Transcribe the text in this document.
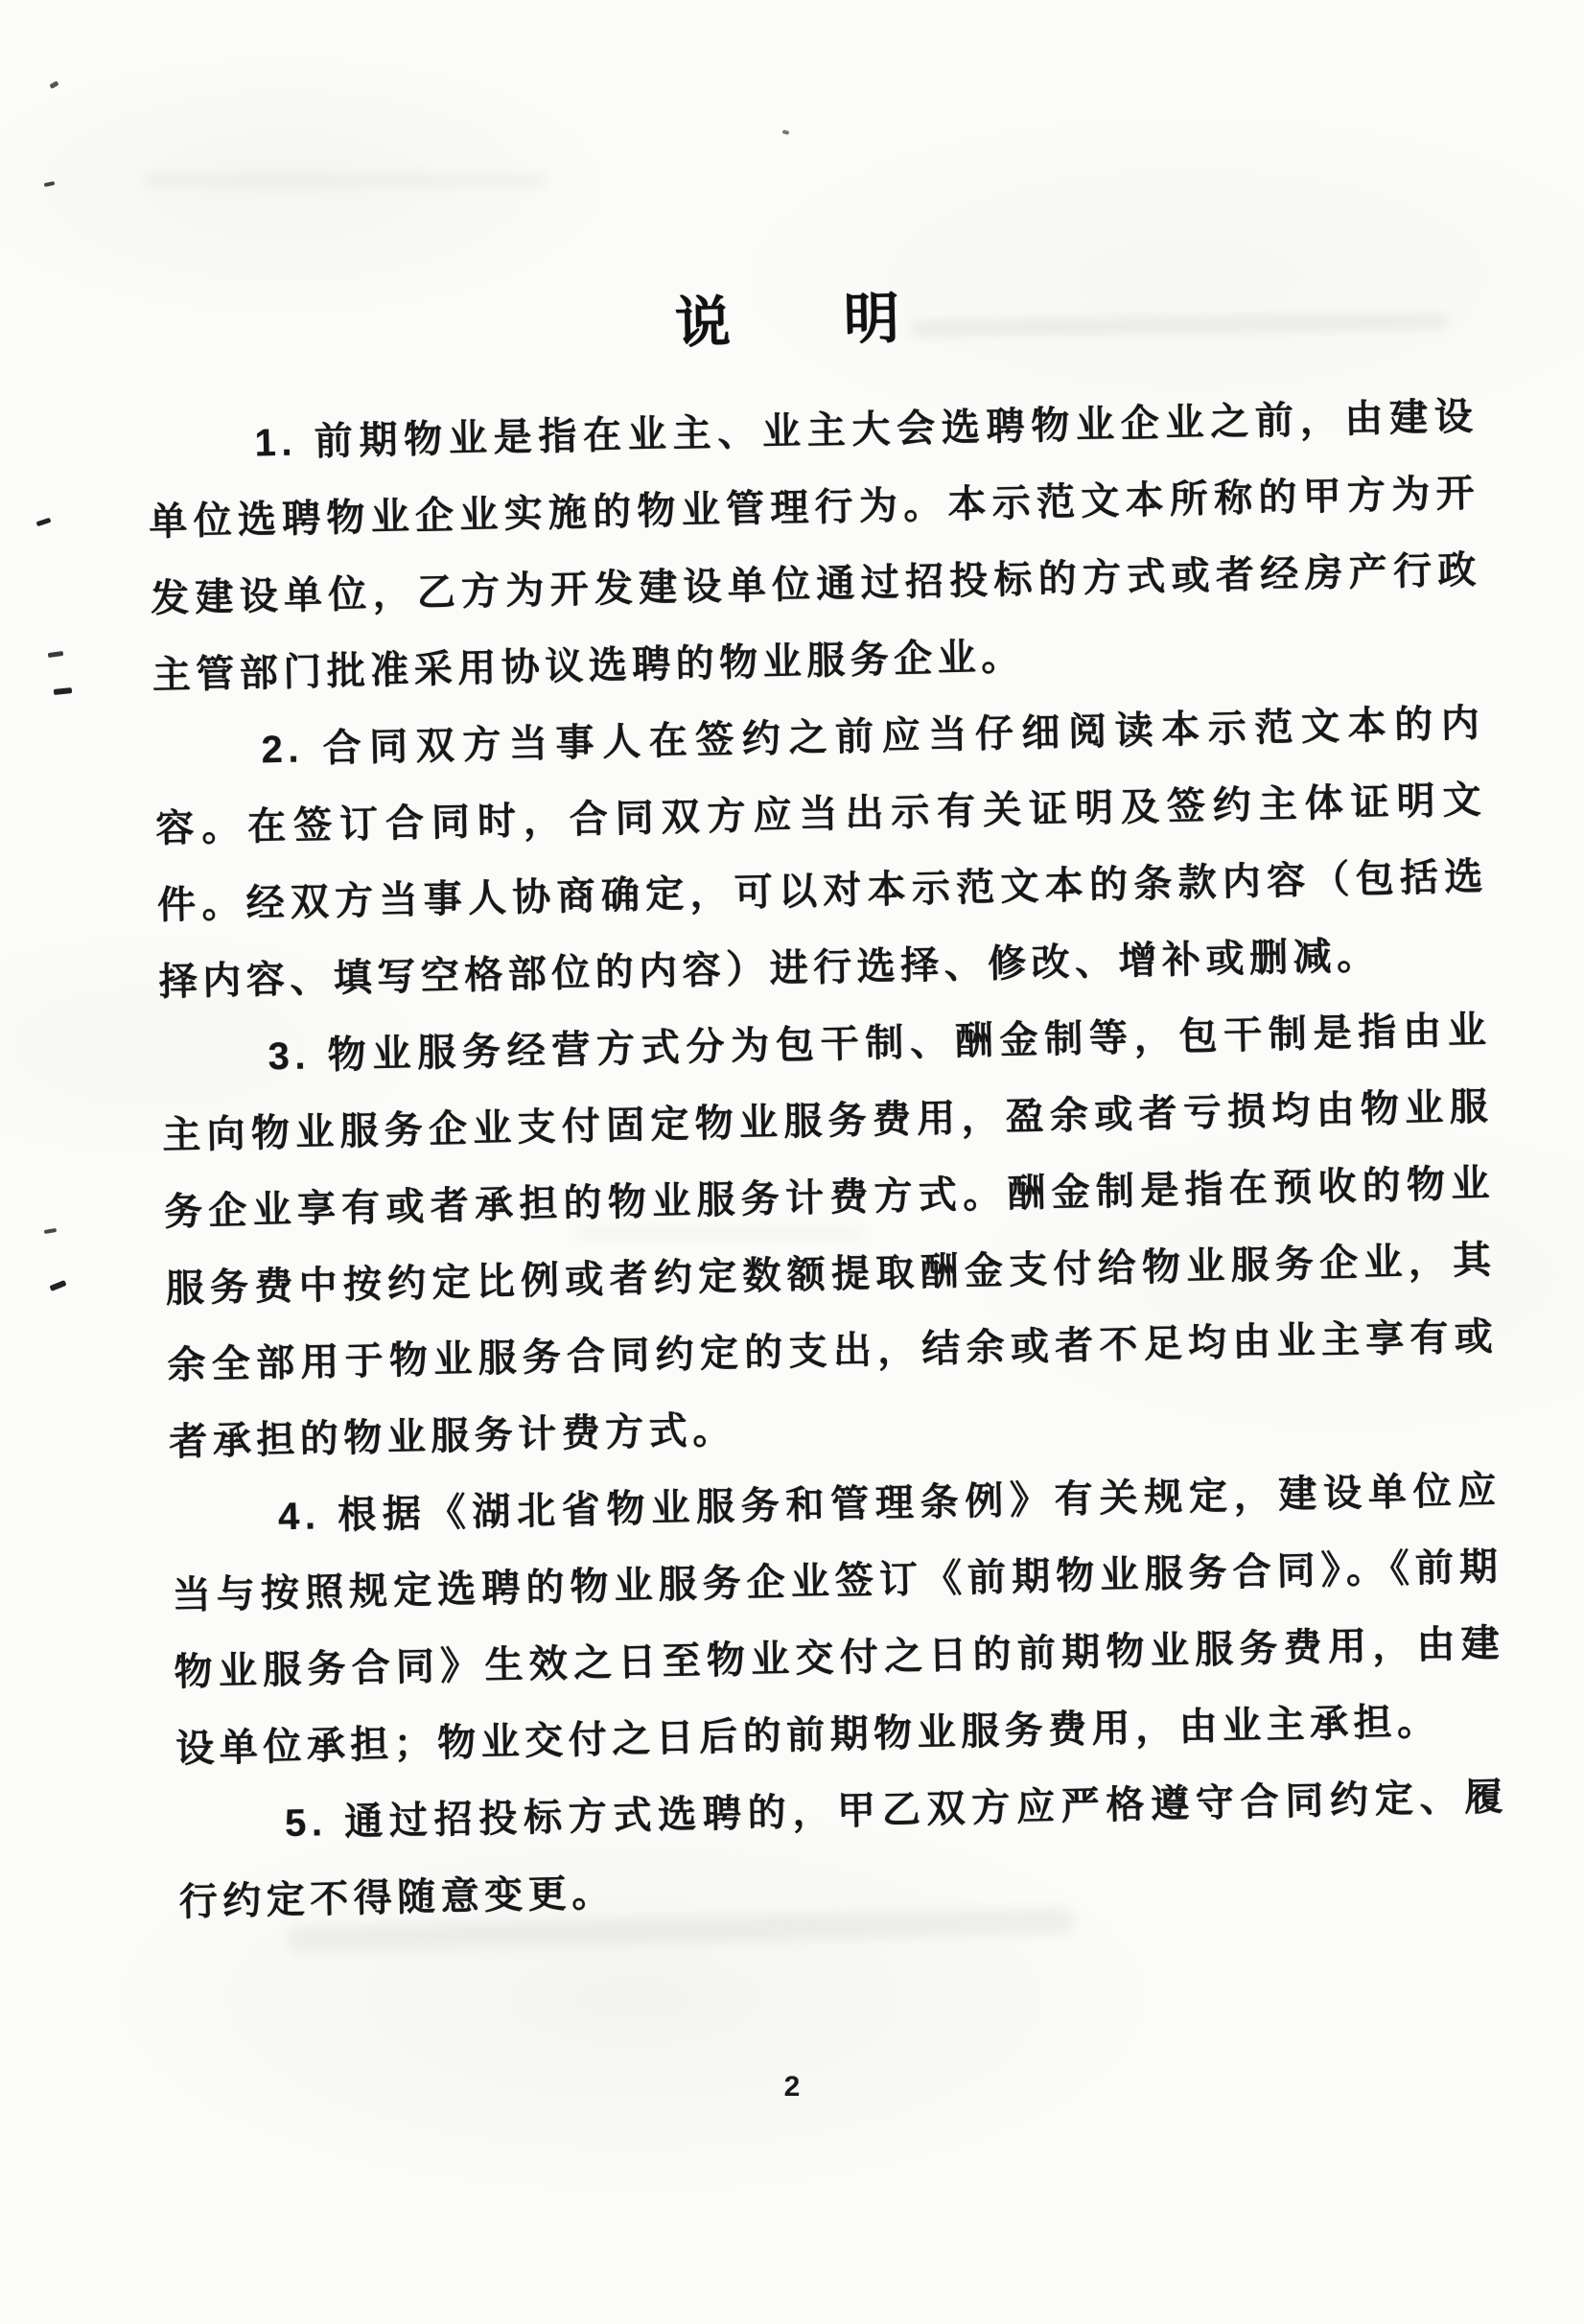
说　明

1. 前期物业是指在业主、业主大会选聘物业企业之前，由建设单位选聘物业企业实施的物业管理行为。本示范文本所称的甲方为开发建设单位，乙方为开发建设单位通过招投标的方式或者经房产行政主管部门批准采用协议选聘的物业服务企业。

2. 合同双方当事人在签约之前应当仔细阅读本示范文本的内容。在签订合同时，合同双方应当出示有关证明及签约主体证明文件。经双方当事人协商确定，可以对本示范文本的条款内容（包括选择内容、填写空格部位的内容）进行选择、修改、增补或删减。

3. 物业服务经营方式分为包干制、酬金制等，包干制是指由业主向物业服务企业支付固定物业服务费用，盈余或者亏损均由物业服务企业享有或者承担的物业服务计费方式。酬金制是指在预收的物业服务费中按约定比例或者约定数额提取酬金支付给物业服务企业，其余全部用于物业服务合同约定的支出，结余或者不足均由业主享有或者承担的物业服务计费方式。

4. 根据《湖北省物业服务和管理条例》有关规定，建设单位应当与按照规定选聘的物业服务企业签订《前期物业服务合同》。《前期物业服务合同》生效之日至物业交付之日的前期物业服务费用，由建设单位承担；物业交付之日后的前期物业服务费用，由业主承担。

5. 通过招投标方式选聘的，甲乙双方应严格遵守合同约定、履行约定不得随意变更。

2
